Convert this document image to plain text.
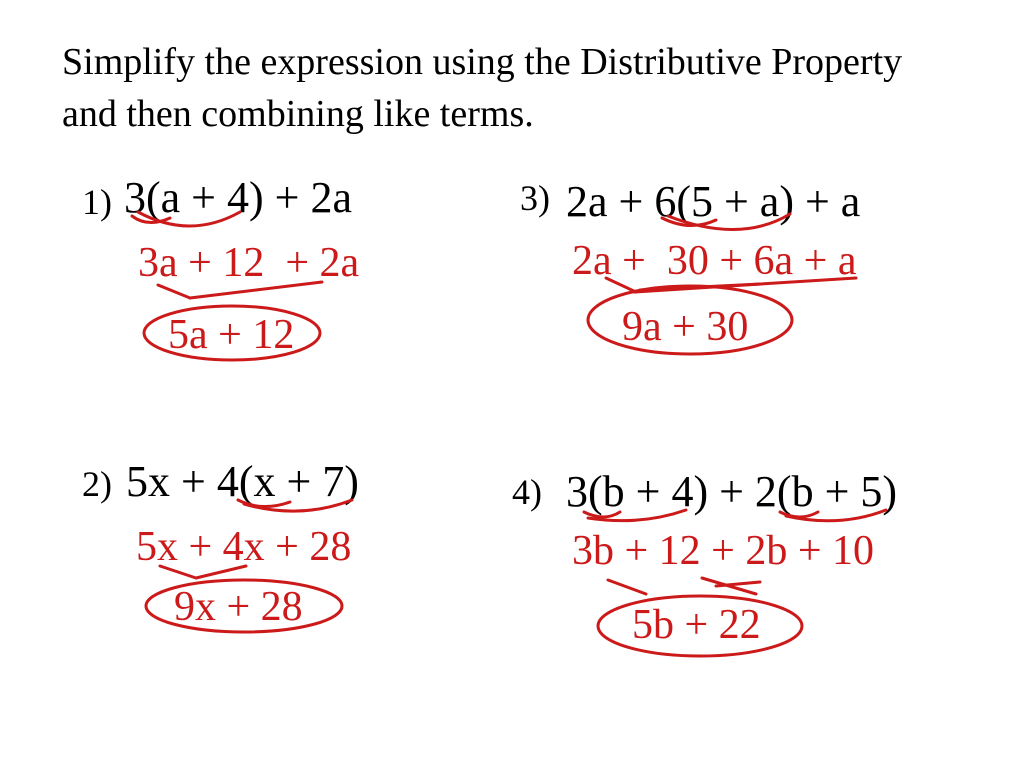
Simplify the expression using the Distributive Property and then combining like terms.
1) 3(a + 4) + 2a
3a + 12  + 2a
5a + 12
2) 5x + 4(x + 7)
5x + 4x + 28
9x + 28
3) 2a + 6(5 + a) + a
2a +  30 + 6a + a
9a + 30
4) 3(b + 4) + 2(b + 5)
3b + 12 + 2b + 10
5b + 22
